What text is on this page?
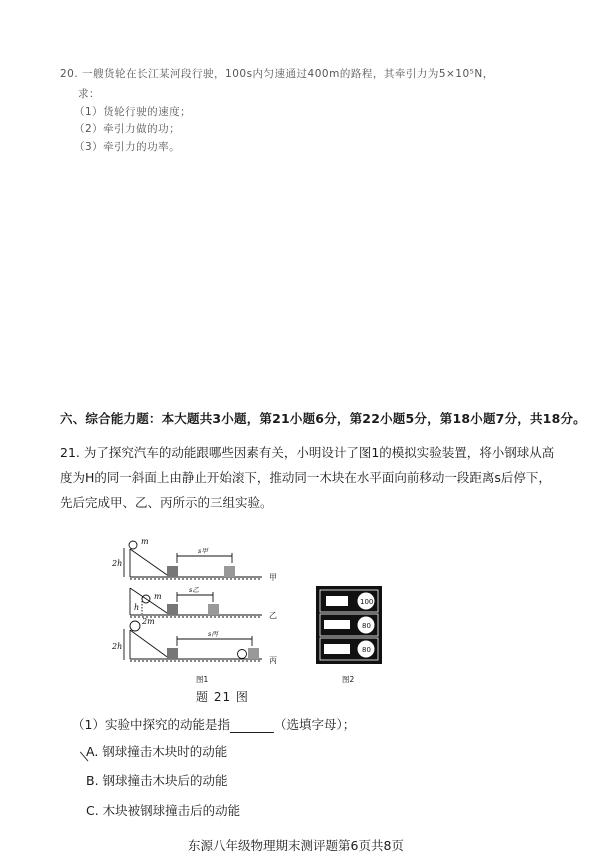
20. 一艘货轮在长江某河段行驶，100s内匀速通过400m的路程，其牵引力为5×10⁵N，
求：
（1）货轮行驶的速度；
（2）牵引力做的功；
（3）牵引力的功率。
六、综合能力题：本大题共3小题，第21小题6分，第22小题5分，第18小题7分，共18分。
21. 为了探究汽车的动能跟哪些因素有关，小明设计了图1的模拟实验装置，将小钢球从高度为H的同一斜面上由静止开始滚下，推动同一木块在水平面向前移动一段距离s后停下，先后完成甲、乙、丙所示的三组实验。
m
2h
s甲
甲
m
h
s乙
乙
2m
2h
s丙
丙
图1
100
80
80
图2
题 21 图
（1）实验中探究的动能是指	（选填字母）；
A. 钢球撞击木块时的动能
B. 钢球撞击木块后的动能
C. 木块被钢球撞击后的动能
东源八年级物理期末测评题第6页共8页
